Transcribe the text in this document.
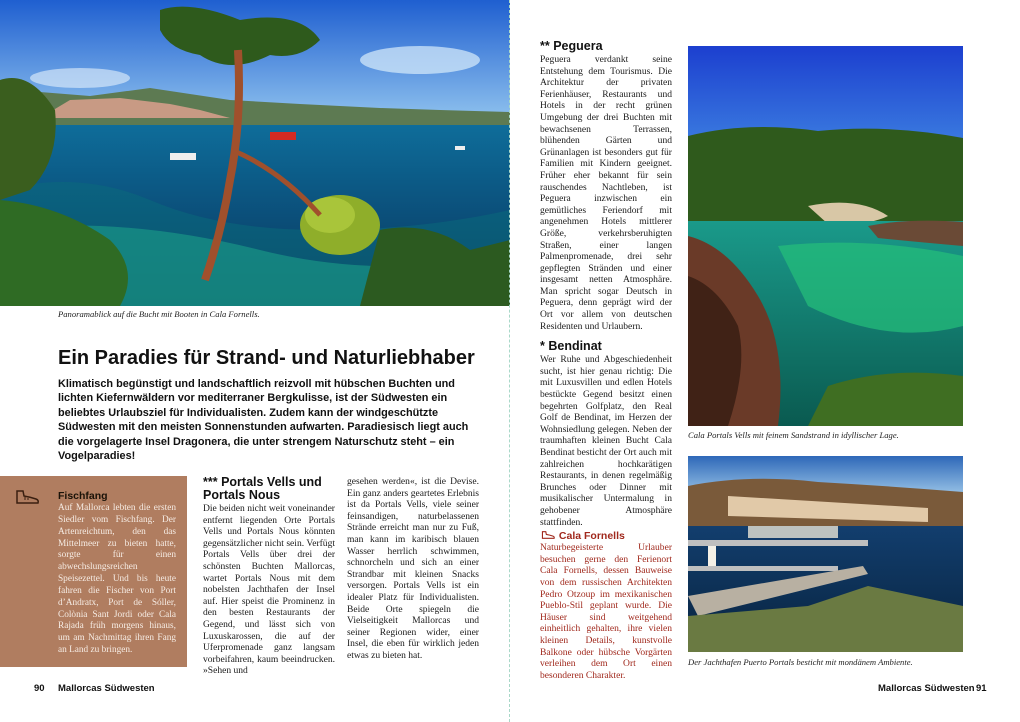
Panoramablick auf die Bucht mit Booten in Cala Fornells.
Ein Paradies für Strand- und Naturliebhaber
Klimatisch begünstigt und landschaftlich reizvoll mit hübschen Buchten und lichten Kiefernwäldern vor mediterraner Bergkulisse, ist der Südwesten ein beliebtes Urlaubsziel für Individualisten. Zudem kann der windgeschützte Südwesten mit den meisten Sonnenstunden aufwarten. Paradiesisch liegt auch die vorgelagerte Insel Dragonera, die unter strengem Naturschutz steht – ein Vogelparadies!
Fischfang
Auf Mallorca lebten die ersten Siedler vom Fischfang. Der Artenreichtum, den das Mittelmeer zu bieten hatte, sorgte für einen abwechslungsreichen Speisezettel. Und bis heute fahren die Fischer von Port d’Andratx, Port de Sóller, Colònia Sant Jordi oder Cala Rajada früh morgens hinaus, um am Nachmittag ihren Fang an Land zu bringen.
*** Portals Vells und Portals Nous

Die beiden nicht weit voneinander entfernt liegenden Orte Portals Vells und Portals Nous könnten gegensätzlicher nicht sein. Verfügt Portals Vells über drei der schönsten Buchten Mallorcas, wartet Portals Nous mit dem nobelsten Jachthafen der Insel auf. Hier speist die Prominenz in den besten Restaurants der Gegend, und lässt sich von Luxuskarossen, die auf der Uferpromenade ganz langsam vorbeifahren, kaum beeindrucken. »Sehen und

gesehen werden«, ist die Devise. Ein ganz anders geartetes Erlebnis ist da Portals Vells, viele seiner feinsandigen, naturbelassenen Strände erreicht man nur zu Fuß, man kann im karibisch blauen Wasser herrlich schwimmen, schnorcheln und sich an einer Strandbar mit kleinen Snacks versorgen. Portals Vells ist ein idealer Platz für Individualisten. Beide Orte spiegeln die Vielseitigkeit Mallorcas und seiner Regionen wider, einer Insel, die eben für wirklich jeden etwas zu bieten hat.

90 Mallorcas Südwesten
** Peguera

Peguera verdankt seine Entstehung dem Tourismus. Die Architektur der privaten Ferienhäuser, Restaurants und Hotels in der recht grünen Umgebung der drei Buchten mit bewachsenen Terrassen, blühenden Gärten und Grünanlagen ist besonders gut für Familien mit Kindern geeignet. Früher eher bekannt für sein rauschendes Nachtleben, ist Peguera inzwischen ein gemütliches Feriendorf mit angenehmen Hotels mittlerer Größe, verkehrsberuhigten Straßen, einer langen Palmenpromenade, drei sehr gepflegten Stränden und einer insgesamt netten Atmosphäre. Man spricht sogar Deutsch in Peguera, denn geprägt wird der Ort vor allem von deutschen Residenten und Urlaubern.

* Bendinat

Wer Ruhe und Abgeschiedenheit sucht, ist hier genau richtig: Die mit Luxusvillen und edlen Hotels bestückte Gegend besitzt einen begehrten Golfplatz, den Real Golf de Bendinat, im Herzen der Wohnsiedlung gelegen. Neben der traumhaften kleinen Bucht Cala Bendinat besticht der Ort auch mit zahlreichen hochkarätigen Restaurants, in denen regelmäßig Brunches oder Dinner mit musikalischer Untermalung in gehobener Atmosphäre stattfinden.

Cala Fornells

Naturbegeisterte Urlauber besuchen gerne den Ferienort Cala Fornells, dessen Bauweise von dem russischen Architekten Pedro Otzoup im mexikanischen Pueblo-Stil geplant wurde. Die Häuser sind weitgehend einheitlich gehalten, ihre vielen kleinen Details, kunstvolle Balkone oder hübsche Vorgärten verleihen dem Ort einen besonderen Charakter.

Cala Portals Vells mit feinem Sandstrand in idyllischer Lage.
Der Jachthafen Puerto Portals besticht mit mondänem Ambiente.
Mallorcas Südwesten 91
